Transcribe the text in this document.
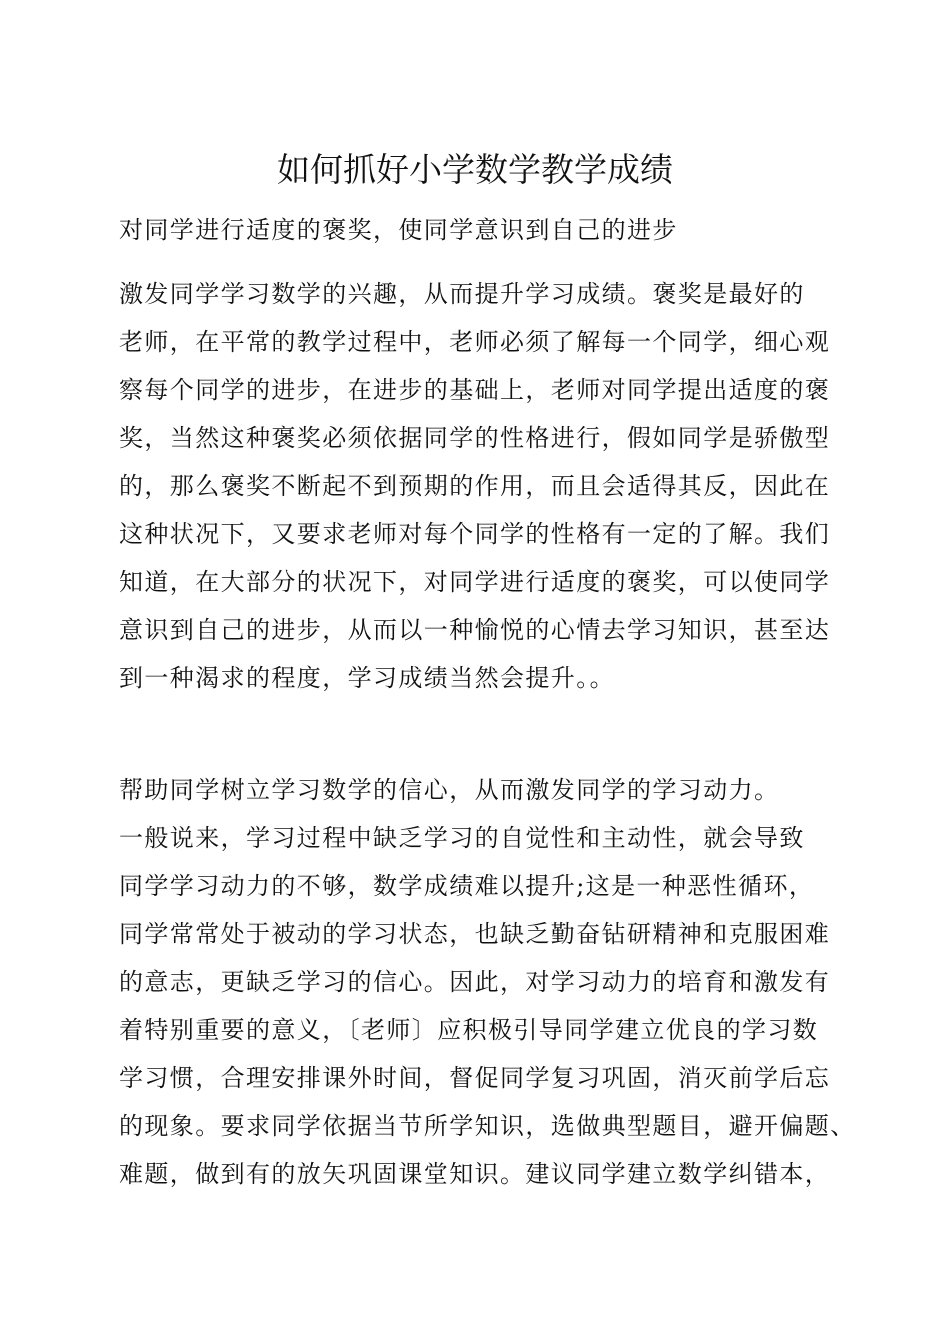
如何抓好小学数学教学成绩
对同学进行适度的褒奖，使同学意识到自己的进步
激发同学学习数学的兴趣，从而提升学习成绩。褒奖是最好的
老师，在平常的教学过程中，老师必须了解每一个同学，细心观
察每个同学的进步，在进步的基础上，老师对同学提出适度的褒
奖，当然这种褒奖必须依据同学的性格进行，假如同学是骄傲型
的，那么褒奖不断起不到预期的作用，而且会适得其反，因此在
这种状况下，又要求老师对每个同学的性格有一定的了解。我们
知道，在大部分的状况下，对同学进行适度的褒奖，可以使同学
意识到自己的进步，从而以一种愉悦的心情去学习知识，甚至达
到一种渴求的程度，学习成绩当然会提升。。
帮助同学树立学习数学的信心，从而激发同学的学习动力。
一般说来，学习过程中缺乏学习的自觉性和主动性，就会导致
同学学习动力的不够，数学成绩难以提升;这是一种恶性循环，
同学常常处于被动的学习状态，也缺乏勤奋钻研精神和克服困难
的意志，更缺乏学习的信心。因此，对学习动力的培育和激发有
着特别重要的意义，〔老师〕应积极引导同学建立优良的学习数
学习惯，合理安排课外时间，督促同学复习巩固，消灭前学后忘
的现象。要求同学依据当节所学知识，选做典型题目，避开偏题、
难题，做到有的放矢巩固课堂知识。建议同学建立数学纠错本，
